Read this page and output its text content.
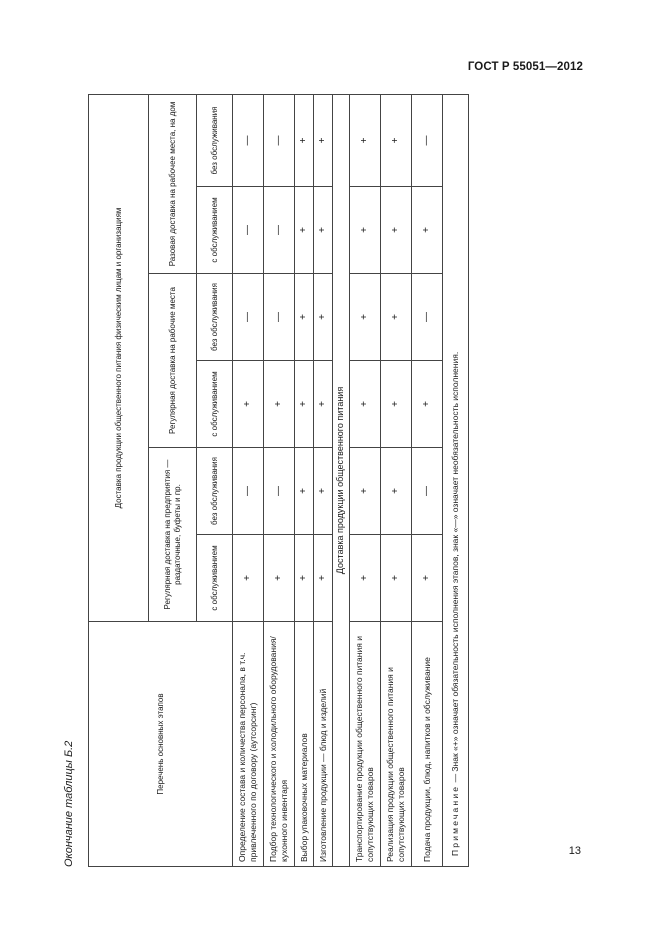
ГОСТ Р 55051—2012
Окончание таблицы Б.2	Перечень основных этапов	Доставка продукции общественного питания физическим лицам и организациям					
	Регулярная доставка на предприятия — раздаточные, буфеты и пр.		Регулярная доставка на рабочие места		Разовая доставка на рабочее места, на дом	
	с обслуживанием	без обслуживания	с обслуживанием	без обслуживания	с обслуживанием	без обслуживания
Определение состава и количества персонала, в т.ч. привлеченного по договору (аутсорсинг)	+	—	+	—	—	—
Подбор технологического и холодильного оборудования/кухонного инвентаря	+	—	+	—	—	—
Выбор упаковочных материалов	+	+	+	+	+	+
Изготовление продукции — блюд и изделий	+	+	+	+	+	+
Доставка продукции общественного питания						
Транспортирование продукции общественного питания и сопутствующих товаров	+	+	+	+	+	+
Реализация продукции общественного питания и сопутствующих товаров	+	+	+	+	+	+
Подача продукции, блюд, напитков и обслуживание	+	—	+	—	+	—
Примечание — Знак «+» означает обязательность исполнения этапов, знак «—» означает необязательность исполнения.						
13
